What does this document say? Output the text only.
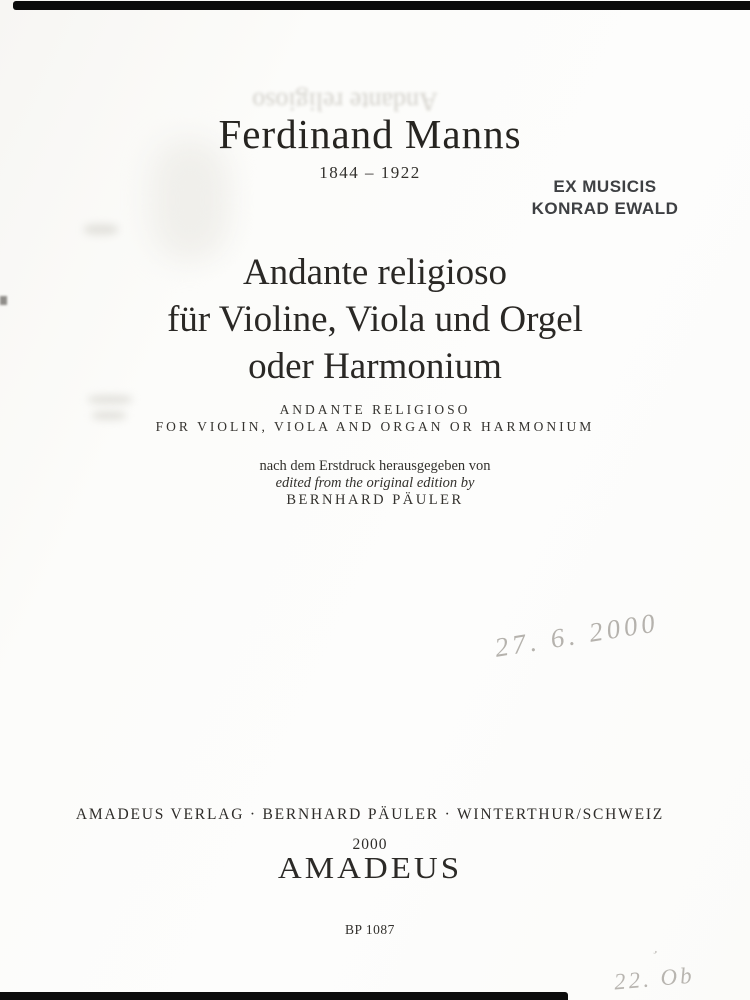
Andante religioso
Ferdinand Manns
1844 – 1922
EX MUSICIS
KONRAD EWALD
Andante religioso
für Violine, Viola und Orgel
oder Harmonium
ANDANTE RELIGIOSO
FOR VIOLIN, VIOLA AND ORGAN OR HARMONIUM
nach dem Erstdruck herausgegeben von
edited from the original edition by
BERNHARD PÄULER
27. 6. 2000
AMADEUS VERLAG · BERNHARD PÄULER · WINTERTHUR/SCHWEIZ
2000
AMADEUS
BP 1087
’
22. Ob
